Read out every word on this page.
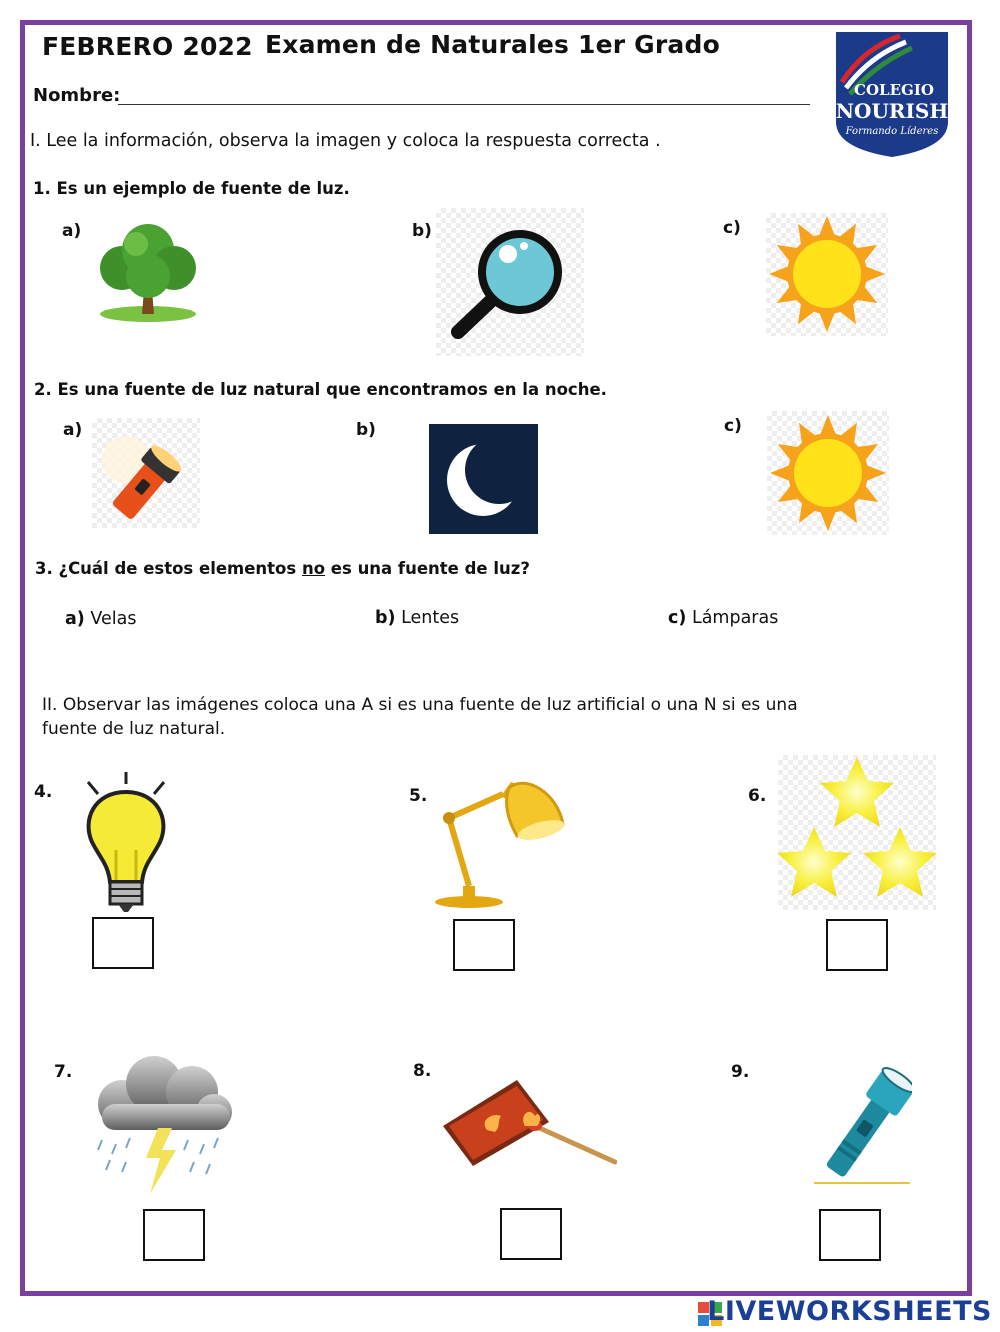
FEBRERO 2022 Examen de Naturales 1er Grado
Nombre:	COLEGIO
NOURISH
Formando Líderes
I. Lee la información, observa la imagen y coloca la respuesta correcta .
1. Es un ejemplo de fuente de luz.
a)	b)	c)
2. Es una fuente de luz natural que encontramos en la noche.
a)	b)	c)
3. ¿Cuál de estos elementos no es una fuente de luz?
a) Velas	b) Lentes	c) Lámparas
II. Observar las imágenes coloca una A si es una fuente de luz artificial o una N si es una
fuente de luz natural.
4.	5.	6.
7.	8.	9.
LIVEWORKSHEETS
